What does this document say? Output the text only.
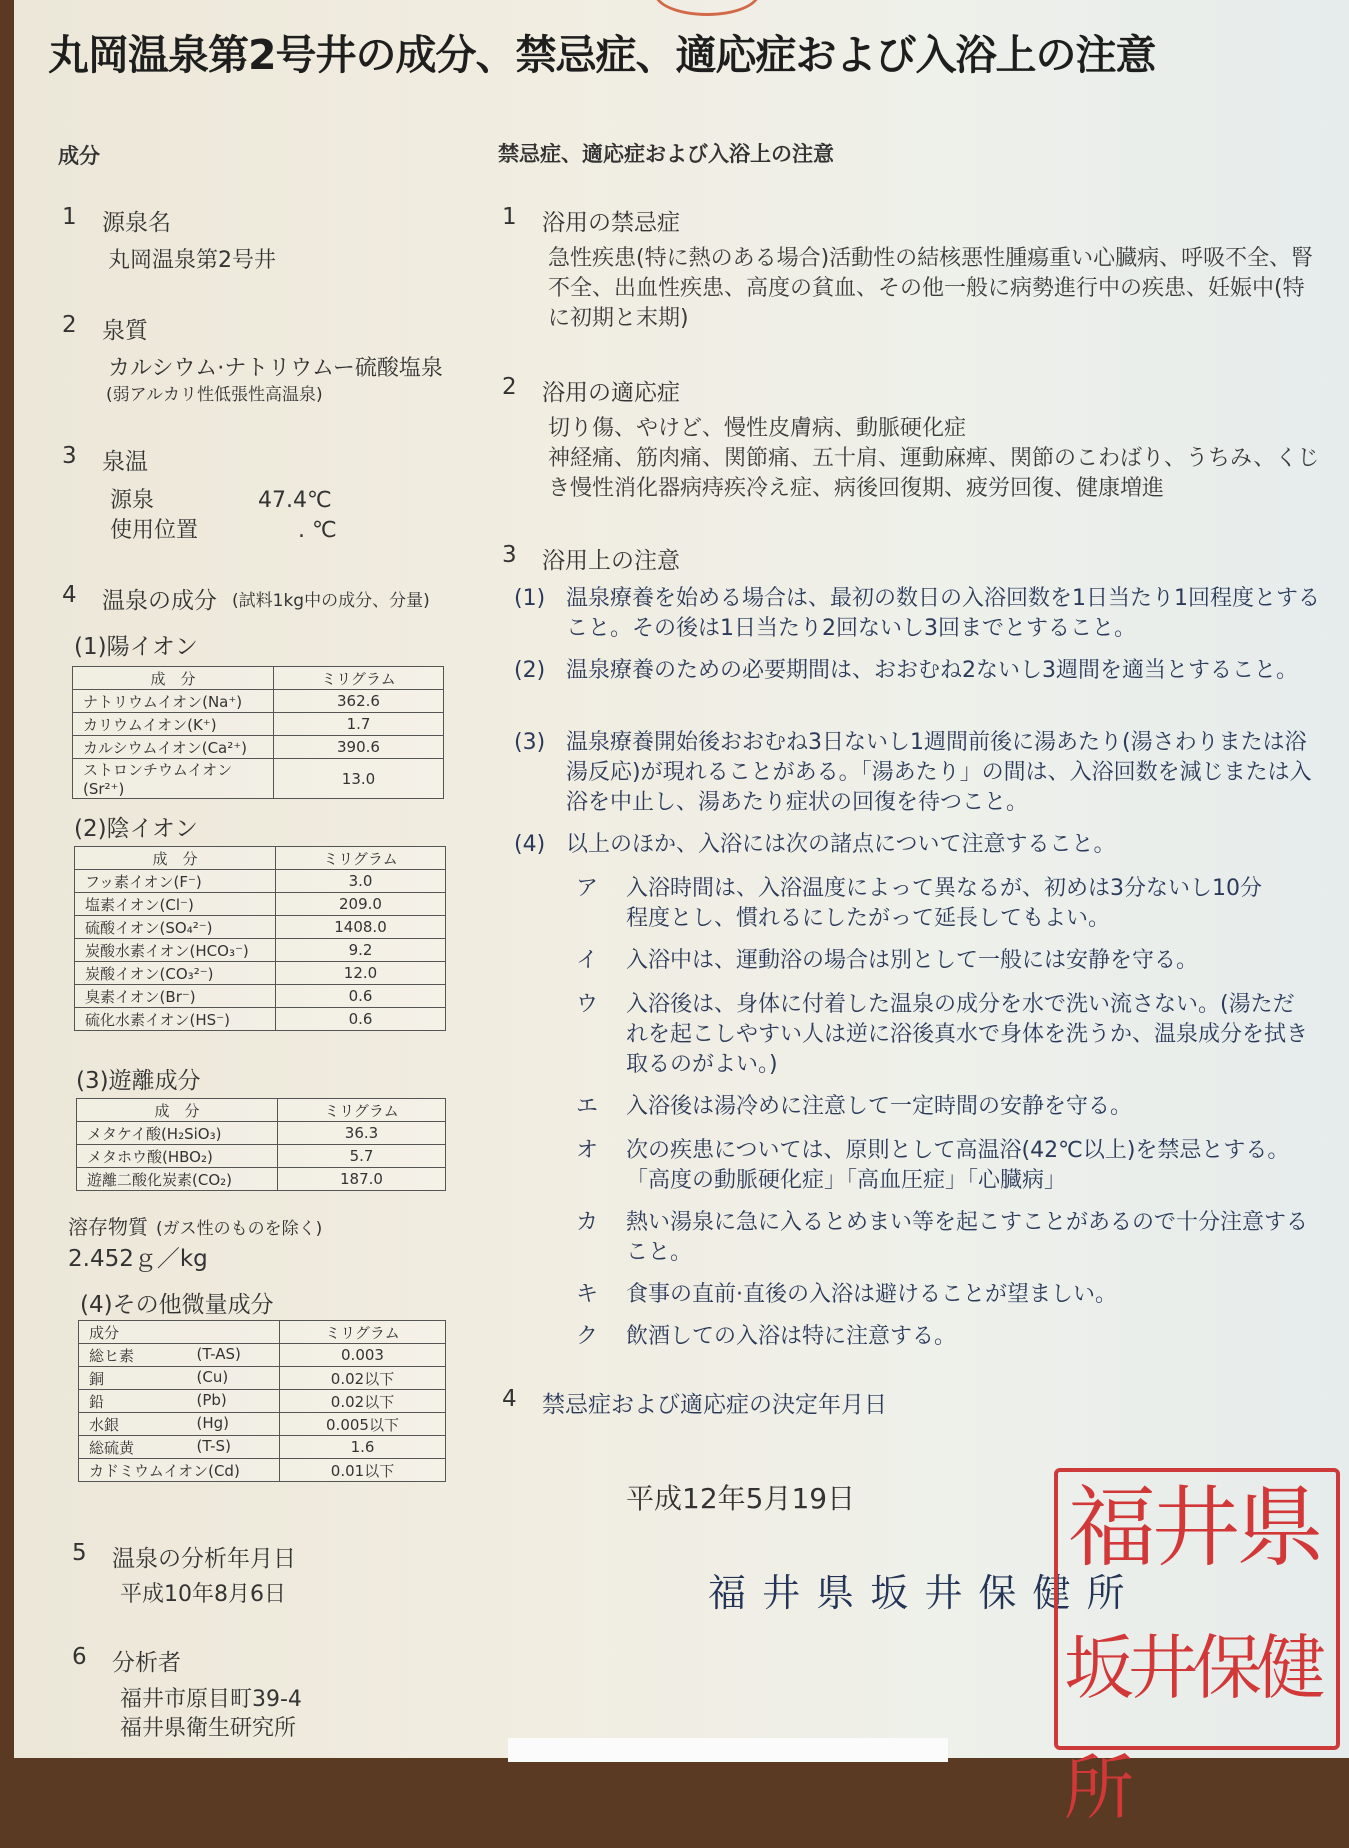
丸岡温泉第2号井の成分、禁忌症、適応症および入浴上の注意
成分
1 源泉名
丸岡温泉第2号井
2 泉質
カルシウム·ナトリウムー硫酸塩泉
(弱アルカリ性低張性高温泉)
3 泉温
源泉	47.4℃
使用位置	. ℃
4 温泉の成分 (試料1kg中の成分、分量)
(1)陽イオン
成　分	ミリグラム
ナトリウムイオン(Na⁺)	362.6
カリウムイオン(K⁺)	1.7
カルシウムイオン(Ca²⁺)	390.6
ストロンチウムイオン(Sr²⁺)	13.0
(2)陰イオン
成　分	ミリグラム
フッ素イオン(F⁻)	3.0
塩素イオン(Cl⁻)	209.0
硫酸イオン(SO₄²⁻)	1408.0
炭酸水素イオン(HCO₃⁻)	9.2
炭酸イオン(CO₃²⁻)	12.0
臭素イオン(Br⁻)	0.6
硫化水素イオン(HS⁻)	0.6
(3)遊離成分
成　分	ミリグラム
メタケイ酸(H₂SiO₃)	36.3
メタホウ酸(HBO₂)	5.7
遊離二酸化炭素(CO₂)	187.0
溶存物質 (ガス性のものを除く)
2.452ｇ／kg
(4)その他微量成分
成分	ミリグラム
総ヒ素 (T-AS)	0.003
銅 (Cu)	0.02以下
鉛 (Pb)	0.02以下
水銀 (Hg)	0.005以下
総硫黄 (T-S)	1.6
カドミウムイオン(Cd)	0.01以下
5 温泉の分析年月日
平成10年8月6日
6 分析者
福井市原目町39-4
福井県衛生研究所
禁忌症、適応症および入浴上の注意
1 浴用の禁忌症
急性疾患(特に熱のある場合)活動性の結核悪性腫瘍重い心臓病、呼吸不全、腎不全、出血性疾患、高度の貧血、その他一般に病勢進行中の疾患、妊娠中(特に初期と末期)
2 浴用の適応症
切り傷、やけど、慢性皮膚病、動脈硬化症
神経痛、筋肉痛、関節痛、五十肩、運動麻痺、関節のこわばり、うちみ、くじき慢性消化器病痔疾冷え症、病後回復期、疲労回復、健康増進
3 浴用上の注意
(1) 温泉療養を始める場合は、最初の数日の入浴回数を1日当たり1回程度とすること。その後は1日当たり2回ないし3回までとすること。
(2) 温泉療養のための必要期間は、おおむね2ないし3週間を適当とすること。
(3) 温泉療養開始後おおむね3日ないし1週間前後に湯あたり(湯さわりまたは浴湯反応)が現れることがある。「湯あたり」の間は、入浴回数を減じまたは入浴を中止し、湯あたり症状の回復を待つこと。
(4) 以上のほか、入浴には次の諸点について注意すること。
ア 入浴時間は、入浴温度によって異なるが、初めは3分ないし10分程度とし、慣れるにしたがって延長してもよい。
イ 入浴中は、運動浴の場合は別として一般には安静を守る。
ウ 入浴後は、身体に付着した温泉の成分を水で洗い流さない。(湯ただれを起こしやすい人は逆に浴後真水で身体を洗うか、温泉成分を拭き取るのがよい。)
エ 入浴後は湯冷めに注意して一定時間の安静を守る。
オ 次の疾患については、原則として高温浴(42℃以上)を禁忌とする。「高度の動脈硬化症」「高血圧症」「心臓病」
カ 熱い湯泉に急に入るとめまい等を起こすことがあるので十分注意すること。
キ 食事の直前·直後の入浴は避けることが望ましい。
ク 飲酒しての入浴は特に注意する。
4 禁忌症および適応症の決定年月日
平成12年5月19日
福 井 県 坂 井 保 健 所
福井県
坂井保健所
